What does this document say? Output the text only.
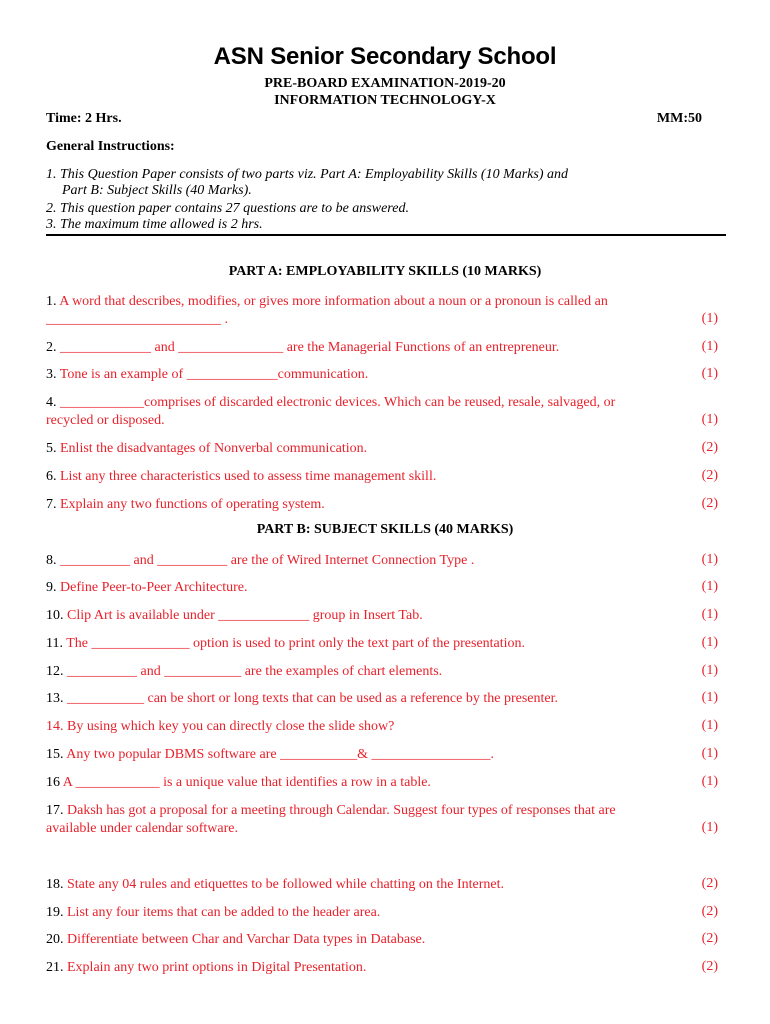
ASN Senior Secondary School
PRE-BOARD EXAMINATION-2019-20
INFORMATION TECHNOLOGY-X
Time: 2 Hrs.	MM:50
General Instructions:
1. This Question Paper consists of two parts viz. Part A: Employability Skills (10 Marks) and
Part B: Subject Skills (40 Marks).
2. This question paper contains 27 questions are to be answered.
3. The maximum time allowed is 2 hrs.
PART A: EMPLOYABILITY SKILLS (10 MARKS)
PART B: SUBJECT SKILLS (40 MARKS)
1. A word that describes, modifies, or gives more information about a noun or a pronoun is called an
_________________________ .	(1)
2. _____________ and _______________ are the Managerial Functions of an entrepreneur.	(1)
3. Tone is an example of _____________communication.	(1)
4. ____________comprises of discarded electronic devices. Which can be reused, resale, salvaged, or
recycled or disposed.	(1)
5. Enlist the disadvantages of Nonverbal communication.	(2)
6. List any three characteristics used to assess time management skill.	(2)
7. Explain any two functions of operating system.	(2)
8. __________ and __________ are the of Wired Internet Connection Type .	(1)
9. Define Peer-to-Peer Architecture.	(1)
10. Clip Art is available under _____________ group in Insert Tab.	(1)
11. The ______________ option is used to print only the text part of the presentation.	(1)
12. __________ and ___________ are the examples of chart elements.	(1)
13. ___________ can be short or long texts that can be used as a reference by the presenter.	(1)
14. By using which key you can directly close the slide show?	(1)
15. Any two popular DBMS software are ___________& _________________.	(1)
16 A ____________ is a unique value that identifies a row in a table.	(1)
17. Daksh has got a proposal for a meeting through Calendar. Suggest four types of responses that are
available under calendar software.	(1)
18. State any 04 rules and etiquettes to be followed while chatting on the Internet.	(2)
19. List any four items that can be added to the header area.	(2)
20. Differentiate between Char and Varchar Data types in Database.	(2)
21. Explain any two print options in Digital Presentation.	(2)
